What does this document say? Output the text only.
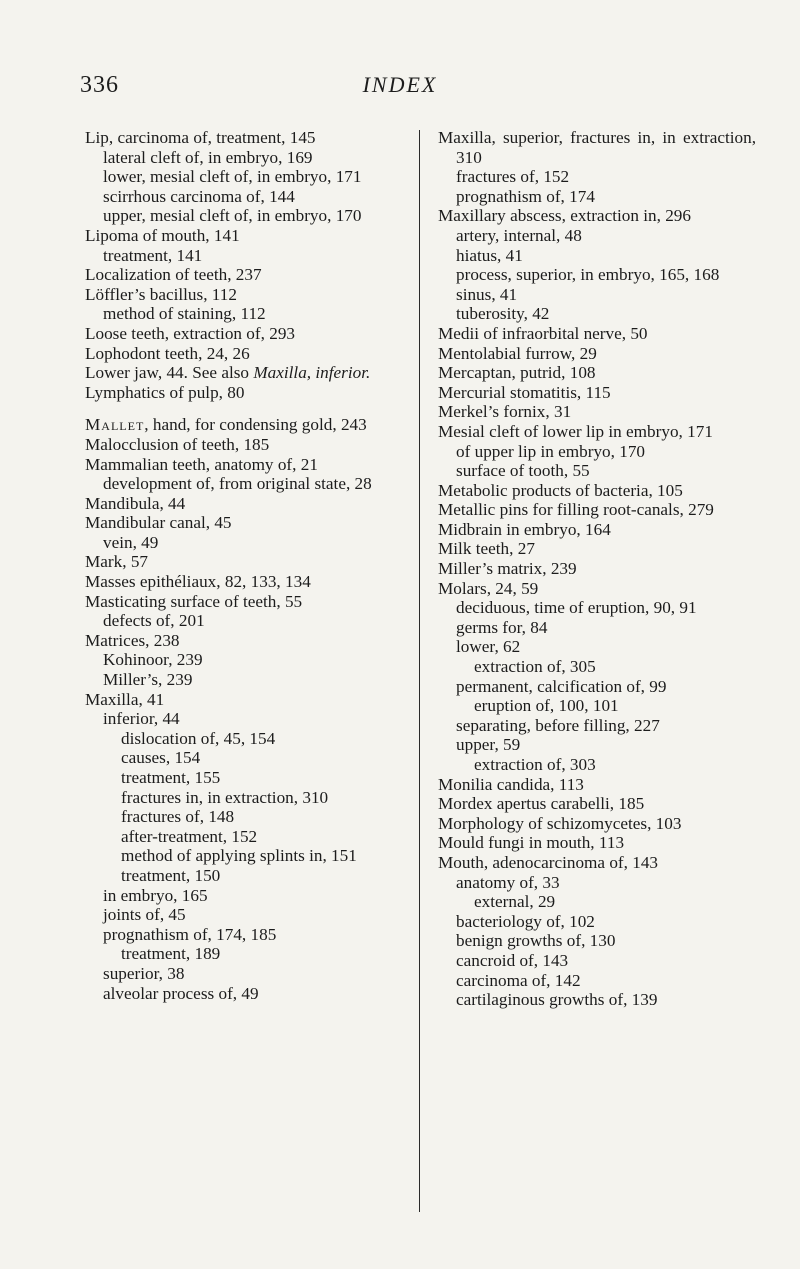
336	INDEX
Lip, carcinoma of, treatment, 145
lateral cleft of, in embryo, 169
lower, mesial cleft of, in embryo, 171
scirrhous carcinoma of, 144
upper, mesial cleft of, in embryo, 170
Lipoma of mouth, 141
treatment, 141
Localization of teeth, 237
Löffler’s bacillus, 112
method of staining, 112
Loose teeth, extraction of, 293
Lophodont teeth, 24, 26
Lower jaw, 44. See also Maxilla, inferior.
Lymphatics of pulp, 80
Mallet, hand, for condensing gold, 243
Malocclusion of teeth, 185
Mammalian teeth, anatomy of, 21
development of, from original state, 28
Mandibula, 44
Mandibular canal, 45
vein, 49
Mark, 57
Masses epithéliaux, 82, 133, 134
Masticating surface of teeth, 55
defects of, 201
Matrices, 238
Kohinoor, 239
Miller’s, 239
Maxilla, 41
inferior, 44
dislocation of, 45, 154
causes, 154
treatment, 155
fractures in, in extraction, 310
fractures of, 148
after-treatment, 152
method of applying splints in, 151
treatment, 150
in embryo, 165
joints of, 45
prognathism of, 174, 185
treatment, 189
superior, 38
alveolar process of, 49
Maxilla, superior, fractures in, in extraction, 310
fractures of, 152
prognathism of, 174
Maxillary abscess, extraction in, 296
artery, internal, 48
hiatus, 41
process, superior, in embryo, 165, 168
sinus, 41
tuberosity, 42
Medii of infraorbital nerve, 50
Mentolabial furrow, 29
Mercaptan, putrid, 108
Mercurial stomatitis, 115
Merkel’s fornix, 31
Mesial cleft of lower lip in embryo, 171
of upper lip in embryo, 170
surface of tooth, 55
Metabolic products of bacteria, 105
Metallic pins for filling root-canals, 279
Midbrain in embryo, 164
Milk teeth, 27
Miller’s matrix, 239
Molars, 24, 59
deciduous, time of eruption, 90, 91
germs for, 84
lower, 62
extraction of, 305
permanent, calcification of, 99
eruption of, 100, 101
separating, before filling, 227
upper, 59
extraction of, 303
Monilia candida, 113
Mordex apertus carabelli, 185
Morphology of schizomycetes, 103
Mould fungi in mouth, 113
Mouth, adenocarcinoma of, 143
anatomy of, 33
external, 29
bacteriology of, 102
benign growths of, 130
cancroid of, 143
carcinoma of, 142
cartilaginous growths of, 139
